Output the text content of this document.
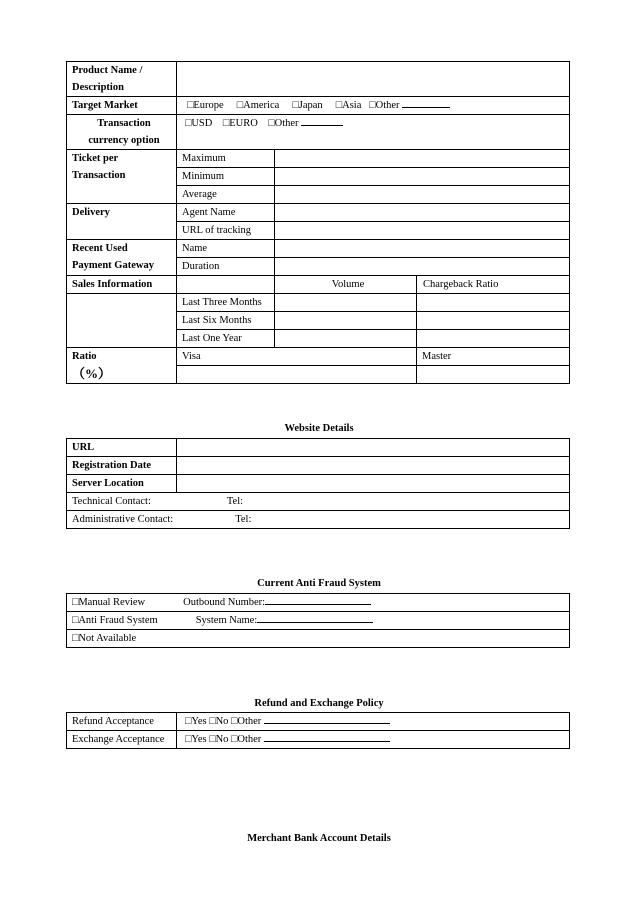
Product Name /
Description			

Target Market	□Europe □America □Japan □Asia □Other		

Transaction
currency option	□USD □EURO □Other		

Ticket per
Transaction	Maximum		
	Minimum		
	Average		
Delivery	Agent Name		
	URL of tracking		

Recent Used
Payment Gateway	Name		
	Duration		
Sales Information		Volume	Chargeback Ratio
	Last Three Months		
	Last Six Months		
	Last One Year		

Ratio
（%）	Visa		Master

Website Details
URL	
Registration Date	
Server Location	
Technical Contact: Tel:	
Administrative Contact: Tel:	
Current Anti Fraud System
□Manual Review	Outbound Number:
□Anti Fraud System	System Name:
□Not Available
Refund and Exchange Policy
Refund Acceptance	□Yes □No □Other
Exchange Acceptance	□Yes □No □Other
Merchant Bank Account Details
